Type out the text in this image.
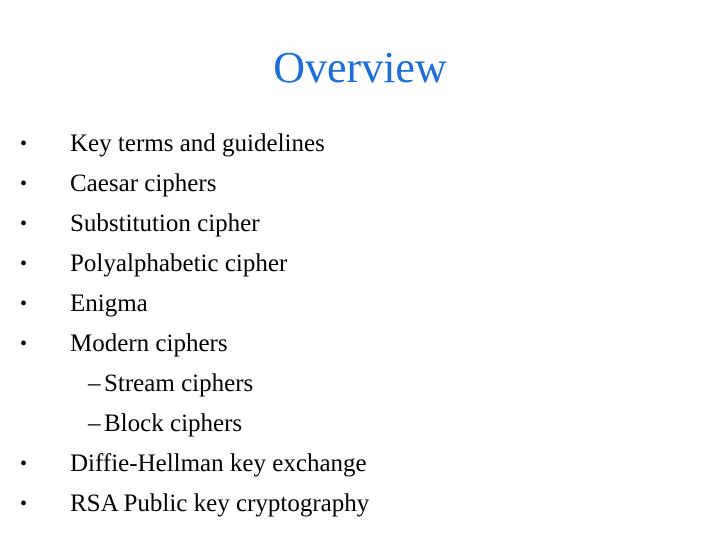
Overview
• Key terms and guidelines
• Caesar ciphers
• Substitution cipher
• Polyalphabetic cipher
• Enigma
• Modern ciphers
– Stream ciphers
– Block ciphers
• Diffie-Hellman key exchange
• RSA Public key cryptography
